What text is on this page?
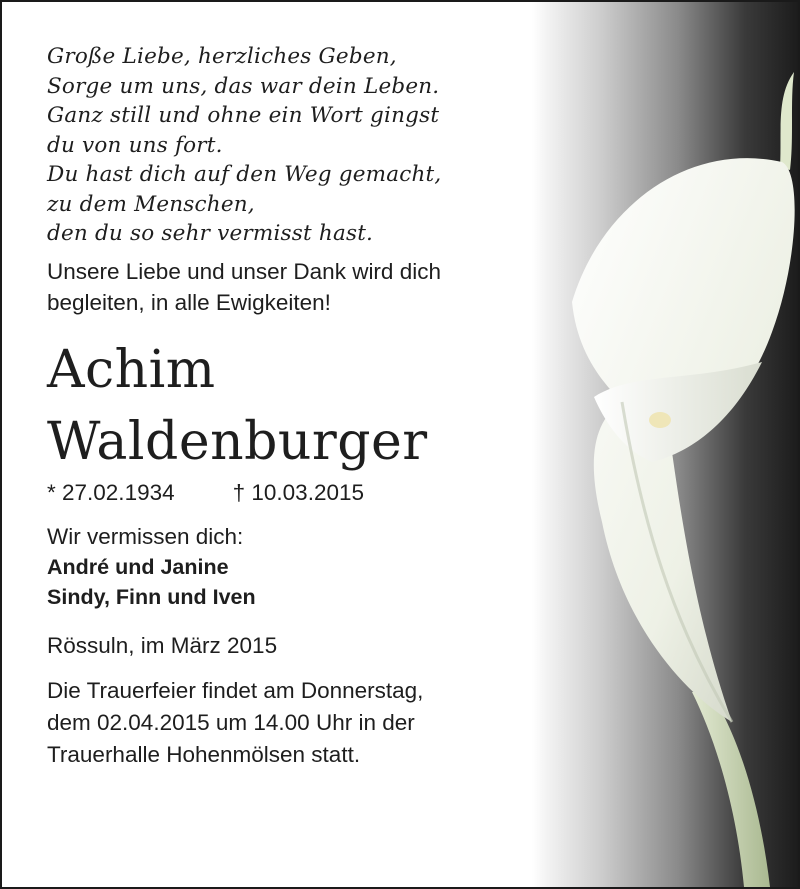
Große Liebe, herzliches Geben,
Sorge um uns, das war dein Leben.
Ganz still und ohne ein Wort gingst
du von uns fort.
Du hast dich auf den Weg gemacht,
zu dem Menschen,
den du so sehr vermisst hast.
Unsere Liebe und unser Dank wird dich
begleiten, in alle Ewigkeiten!
Achim
Waldenburger
* 27.02.1934	† 10.03.2015
Wir vermissen dich:
André und Janine
Sindy, Finn und Iven
Rössuln, im März 2015
Die Trauerfeier findet am Donnerstag,
dem 02.04.2015 um 14.00 Uhr in der
Trauerhalle Hohenmölsen statt.
